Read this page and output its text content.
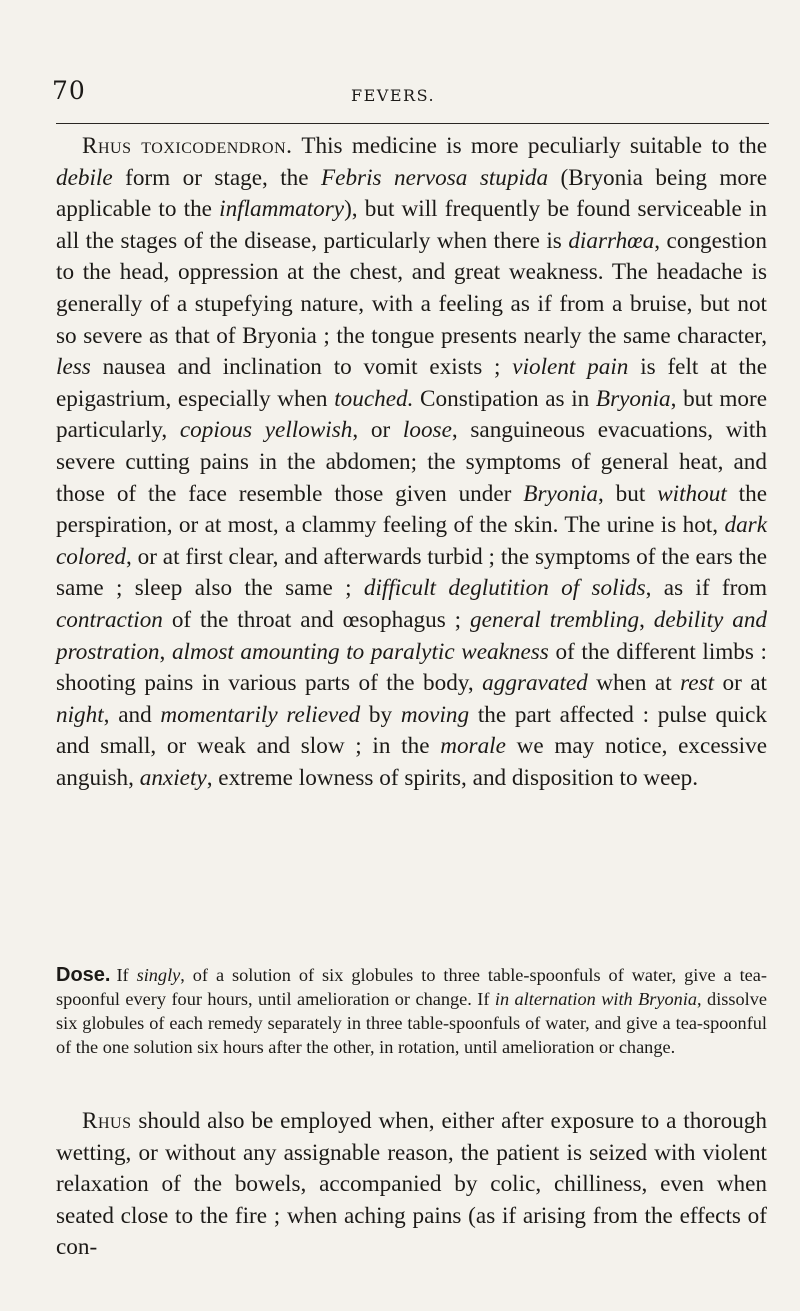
70	FEVERS.

Rhus toxicodendron. This medicine is more peculiarly suitable to the debile form or stage, the Febris nervosa stupida (Bryonia being more applicable to the inflammatory), but will frequently be found serviceable in all the stages of the disease, particularly when there is diarrhœa, congestion to the head, oppression at the chest, and great weakness. The headache is generally of a stupefying nature, with a feeling as if from a bruise, but not so severe as that of Bryonia ; the tongue presents nearly the same character, less nausea and inclination to vomit exists ; violent pain is felt at the epigastrium, especially when touched. Constipation as in Bryonia, but more particularly, copious yellowish, or loose, sanguineous evacuations, with severe cutting pains in the abdomen; the symptoms of general heat, and those of the face resemble those given under Bryonia, but without the perspiration, or at most, a clammy feeling of the skin. The urine is hot, dark colored, or at first clear, and afterwards turbid ; the symptoms of the ears the same ; sleep also the same ; difficult deglutition of solids, as if from contraction of the throat and œsophagus ; general trembling, debility and prostration, almost amounting to paralytic weakness of the different limbs : shooting pains in various parts of the body, aggravated when at rest or at night, and momentarily relieved by moving the part affected : pulse quick and small, or weak and slow ; in the morale we may notice, excessive anguish, anxiety, extreme lowness of spirits, and disposition to weep.

Dose. If singly, of a solution of six globules to three table-spoonfuls of water, give a tea-spoonful every four hours, until amelioration or change. If in alternation with Bryonia, dissolve six globules of each remedy separately in three table-spoonfuls of water, and give a tea-spoonful of the one solution six hours after the other, in rotation, until amelioration or change.

Rhus should also be employed when, either after exposure to a thorough wetting, or without any assignable reason, the patient is seized with violent relaxation of the bowels, accompanied by colic, chilliness, even when seated close to the fire ; when aching pains (as if arising from the effects of con-
